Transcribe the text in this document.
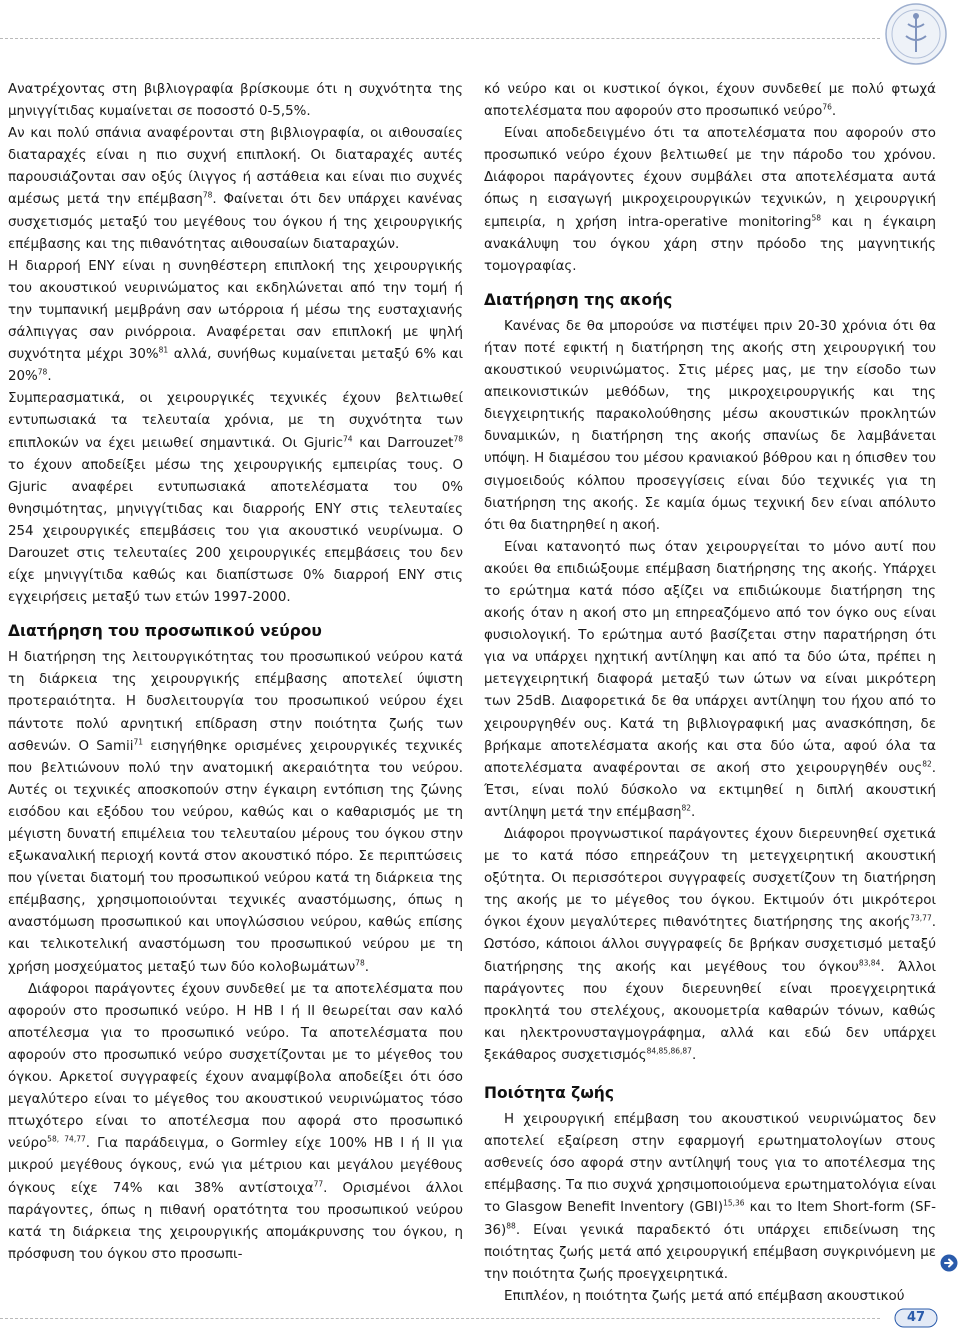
Ανατρέχοντας στη βιβλιογραφία βρίσκουμε ότι η συχνότητα της μηνιγγίτιδας κυμαίνεται σε ποσοστό 0-5,5%.

Αν και πολύ σπάνια αναφέρονται στη βιβλιογραφία, οι αιθουσαίες διαταραχές είναι η πιο συχνή επιπλοκή. Οι διαταραχές αυτές παρουσιάζονται σαν οξύς ίλιγγος ή αστάθεια και είναι πιο συχνές αμέσως μετά την επέμβαση$^{78}$. Φαίνεται ότι δεν υπάρχει κανένας συσχετισμός μεταξύ του μεγέθους του όγκου ή της χειρουργικής επέμβασης και της πιθανότητας αιθουσαίων διαταραχών.

Η διαρροή ΕΝΥ είναι η συνηθέστερη επιπλοκή της χειρουργικής του ακουστικού νευρινώματος και εκδηλώνεται από την τομή ή την τυμπανική μεμβράνη σαν ωτόρροια ή μέσω της ευσταχιανής σάλπιγγας σαν ρινόρροια. Αναφέρεται σαν επιπλοκή με ψηλή συχνότητα μέχρι 30%$^{81}$ αλλά, συνήθως κυμαίνεται μεταξύ 6% και 20%$^{78}$.

Συμπερασματικά, οι χειρουργικές τεχνικές έχουν βελτιωθεί εντυπωσιακά τα τελευταία χρόνια, με τη συχνότητα των επιπλοκών να έχει μειωθεί σημαντικά. Οι Gjuric$^{74}$ και Darrouzet$^{78}$ το έχουν αποδείξει μέσω της χειρουργικής εμπειρίας τους. Ο Gjuric αναφέρει εντυπωσιακά αποτελέσματα του 0% θνησιμότητας, μηνιγγίτιδας και διαρροής ΕΝΥ στις τελευταίες 254 χειρουργικές επεμβάσεις του για ακουστικό νευρίνωμα. Ο Darouzet στις τελευταίες 200 χειρουργικές επεμβάσεις του δεν είχε μηνιγγίτιδα καθώς και διαπίστωσε 0% διαρροή ΕΝΥ στις εγχειρήσεις μεταξύ των ετών 1997-2000.

Διατήρηση του προσωπικού νεύρου

Η διατήρηση της λειτουργικότητας του προσωπικού νεύρου κατά τη διάρκεια της χειρουργικής επέμβασης αποτελεί ύψιστη προτεραιότητα. Η δυσλειτουργία του προσωπικού νεύρου έχει πάντοτε πολύ αρνητική επίδραση στην ποιότητα ζωής των ασθενών. Ο Samii$^{71}$ εισηγήθηκε ορισμένες χειρουργικές τεχνικές που βελτιώνουν πολύ την ανατομική ακεραιότητα του νεύρου. Αυτές οι τεχνικές αποσκοπούν στην έγκαιρη εντόπιση της ζώνης εισόδου και εξόδου του νεύρου, καθώς και ο καθαρισμός με τη μέγιστη δυνατή επιμέλεια του τελευταίου μέρους του όγκου στην εξωκαναλική περιοχή κοντά στον ακουστικό πόρο. Σε περιπτώσεις που γίνεται διατομή του προσωπικού νεύρου κατά τη διάρκεια της επέμβασης, χρησιμοποιούνται τεχνικές αναστόμωσης, όπως η αναστόμωση προσωπικού και υπογλώσσιου νεύρου, καθώς επίσης και τελικοτελική αναστόμωση του προσωπικού νεύρου με τη χρήση μοσχεύματος μεταξύ των δύο κολοβωμάτων$^{78}$.

Διάφοροι παράγοντες έχουν συνδεθεί με τα αποτελέσματα που αφορούν στο προσωπικό νεύρο. Η ΗΒ Ι ή ΙΙ θεωρείται σαν καλό αποτέλεσμα για το προσωπικό νεύρο. Τα αποτελέσματα που αφορούν στο προσωπικό νεύρο συσχετίζονται με το μέγεθος του όγκου. Αρκετοί συγγραφείς έχουν αναμφίβολα αποδείξει ότι όσο μεγαλύτερο είναι το μέγεθος του ακουστικού νευρινώματος τόσο πτωχότερο είναι το αποτέλεσμα που αφορά στο προσωπικό νεύρο$^{58, 74,77}$. Για παράδειγμα, ο Gormley είχε 100% ΗΒ Ι ή ΙΙ για μικρού μεγέθους όγκους, ενώ για μέτριου και μεγάλου μεγέθους όγκους είχε 74% και 38% αντίστοιχα$^{77}$. Ορισμένοι άλλοι παράγοντες, όπως η πιθανή ορατότητα του προσωπικού νεύρου κατά τη διάρκεια της χειρουργικής απομάκρυνσης του όγκου, η πρόσφυση του όγκου στο προσωπι-

κό νεύρο και οι κυστικοί όγκοι, έχουν συνδεθεί με πολύ φτωχά αποτελέσματα που αφορούν στο προσωπικό νεύρο$^{76}$.

Είναι αποδεδειγμένο ότι τα αποτελέσματα που αφορούν στο προσωπικό νεύρο έχουν βελτιωθεί με την πάροδο του χρόνου. Διάφοροι παράγοντες έχουν συμβάλει στα αποτελέσματα αυτά όπως η εισαγωγή μικροχειρουργικών τεχνικών, η χειρουργική εμπειρία, η χρήση intra-operative monitoring$^{58}$ και η έγκαιρη ανακάλυψη του όγκου χάρη στην πρόοδο της μαγνητικής τομογραφίας.

Διατήρηση της ακοής

Κανένας δε θα μπορούσε να πιστέψει πριν 20-30 χρόνια ότι θα ήταν ποτέ εφικτή η διατήρηση της ακοής στη χειρουργική του ακουστικού νευρινώματος. Στις μέρες μας, με την είσοδο των απεικονιστικών μεθόδων, της μικροχειρουργικής και της διεγχειρητικής παρακολούθησης μέσω ακουστικών προκλητών δυναμικών, η διατήρηση της ακοής σπανίως δε λαμβάνεται υπόψη. Η διαμέσου του μέσου κρανιακού βόθρου και η όπισθεν του σιγμοειδούς κόλπου προσεγγίσεις είναι δύο τεχνικές για τη διατήρηση της ακοής. Σε καμία όμως τεχνική δεν είναι απόλυτο ότι θα διατηρηθεί η ακοή.

Είναι κατανοητό πως όταν χειρουργείται το μόνο αυτί που ακούει θα επιδιώξουμε επέμβαση διατήρησης της ακοής. Υπάρχει το ερώτημα κατά πόσο αξίζει να επιδιώκουμε διατήρηση της ακοής όταν η ακοή στο μη επηρεαζόμενο από τον όγκο ους είναι φυσιολογική. Το ερώτημα αυτό βασίζεται στην παρατήρηση ότι για να υπάρχει ηχητική αντίληψη και από τα δύο ώτα, πρέπει η μετεγχειρητική διαφορά μεταξύ των ώτων να είναι μικρότερη των 25dB. Διαφορετικά δε θα υπάρχει αντίληψη του ήχου από το χειρουργηθέν ους. Κατά τη βιβλιογραφική μας ανασκόπηση, δε βρήκαμε αποτελέσματα ακοής και στα δύο ώτα, αφού όλα τα αποτελέσματα αναφέρονται σε ακοή στο χειρουργηθέν ους$^{82}$. Έτσι, είναι πολύ δύσκολο να εκτιμηθεί η διπλή ακουστική αντίληψη μετά την επέμβαση$^{82}$.

Διάφοροι προγνωστικοί παράγοντες έχουν διερευνηθεί σχετικά με το κατά πόσο επηρεάζουν τη μετεγχειρητική ακουστική οξύτητα. Οι περισσότεροι συγγραφείς συσχετίζουν τη διατήρηση της ακοής με το μέγεθος του όγκου. Εκτιμούν ότι μικρότεροι όγκοι έχουν μεγαλύτερες πιθανότητες διατήρησης της ακοής$^{73,77}$. Ωστόσο, κάποιοι άλλοι συγγραφείς δε βρήκαν συσχετισμό μεταξύ διατήρησης της ακοής και μεγέθους του όγκου$^{83,84}$. Άλλοι παράγοντες που έχουν διερευνηθεί είναι προεγχειρητικά προκλητά του στελέχους, ακουομετρία καθαρών τόνων, καθώς και ηλεκτρονυσταγμογράφημα, αλλά και εδώ δεν υπάρχει ξεκάθαρος συσχετισμός$^{84,85,86,87}$.

Ποιότητα ζωής

Η χειρουργική επέμβαση του ακουστικού νευρινώματος δεν αποτελεί εξαίρεση στην εφαρμογή ερωτηματολογίων στους ασθενείς όσο αφορά στην αντίληψή τους για το αποτέλεσμα της επέμβασης. Τα πιο συχνά χρησιμοποιούμενα ερωτηματολόγια είναι το Glasgow Benefit Inventory (GBI)$^{15,36}$ και το Item Short-form $(SF-36)^{88}$. Είναι γενικά παραδεκτό ότι υπάρχει επιδείνωση της ποιότητας ζωής μετά από χειρουργική επέμβαση συγκρινόμενη με την ποιότητα ζωής προεγχειρητικά.

Επιπλέον, η ποιότητα ζωής μετά από επέμβαση ακουστικού

47
